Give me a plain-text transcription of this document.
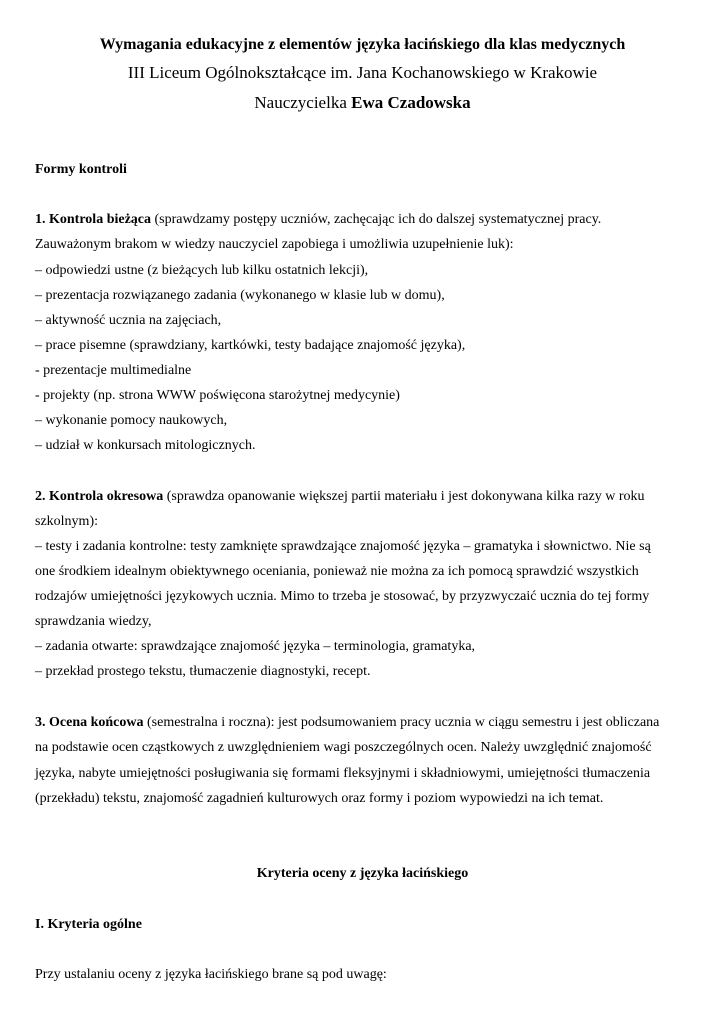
Wymagania edukacyjne z elementów języka łacińskiego dla klas medycznych
III Liceum Ogólnokształcące im. Jana Kochanowskiego w Krakowie
Nauczycielka Ewa Czadowska
Formy kontroli
1. Kontrola bieżąca (sprawdzamy postępy uczniów, zachęcając ich do dalszej systematycznej pracy.
Zauważonym brakom w wiedzy nauczyciel zapobiega i umożliwia uzupełnienie luk):
– odpowiedzi ustne (z bieżących lub kilku ostatnich lekcji),
– prezentacja rozwiązanego zadania (wykonanego w klasie lub w domu),
– aktywność ucznia na zajęciach,
– prace pisemne (sprawdziany, kartkówki, testy badające znajomość języka),
- prezentacje multimedialne
- projekty (np. strona WWW poświęcona starożytnej medycynie)
– wykonanie pomocy naukowych,
– udział w konkursach mitologicznych.
2. Kontrola okresowa (sprawdza opanowanie większej partii materiału i jest dokonywana kilka razy w roku
szkolnym):
– testy i zadania kontrolne: testy zamknięte sprawdzające znajomość języka – gramatyka i słownictwo. Nie są
one środkiem idealnym obiektywnego oceniania, ponieważ nie można za ich pomocą sprawdzić wszystkich
rodzajów umiejętności językowych ucznia. Mimo to trzeba je stosować, by przyzwyczaić ucznia do tej formy
sprawdzania wiedzy,
– zadania otwarte: sprawdzające znajomość języka – terminologia, gramatyka,
– przekład prostego tekstu, tłumaczenie diagnostyki, recept.
3. Ocena końcowa (semestralna i roczna): jest podsumowaniem pracy ucznia w ciągu semestru i jest obliczana
na podstawie ocen cząstkowych z uwzględnieniem wagi poszczególnych ocen. Należy uwzględnić znajomość
języka, nabyte umiejętności posługiwania się formami fleksyjnymi i składniowymi, umiejętności tłumaczenia
(przekładu) tekstu, znajomość zagadnień kulturowych oraz formy i poziom wypowiedzi na ich temat.
Kryteria oceny z języka łacińskiego
I. Kryteria ogólne
Przy ustalaniu oceny z języka łacińskiego brane są pod uwagę:
